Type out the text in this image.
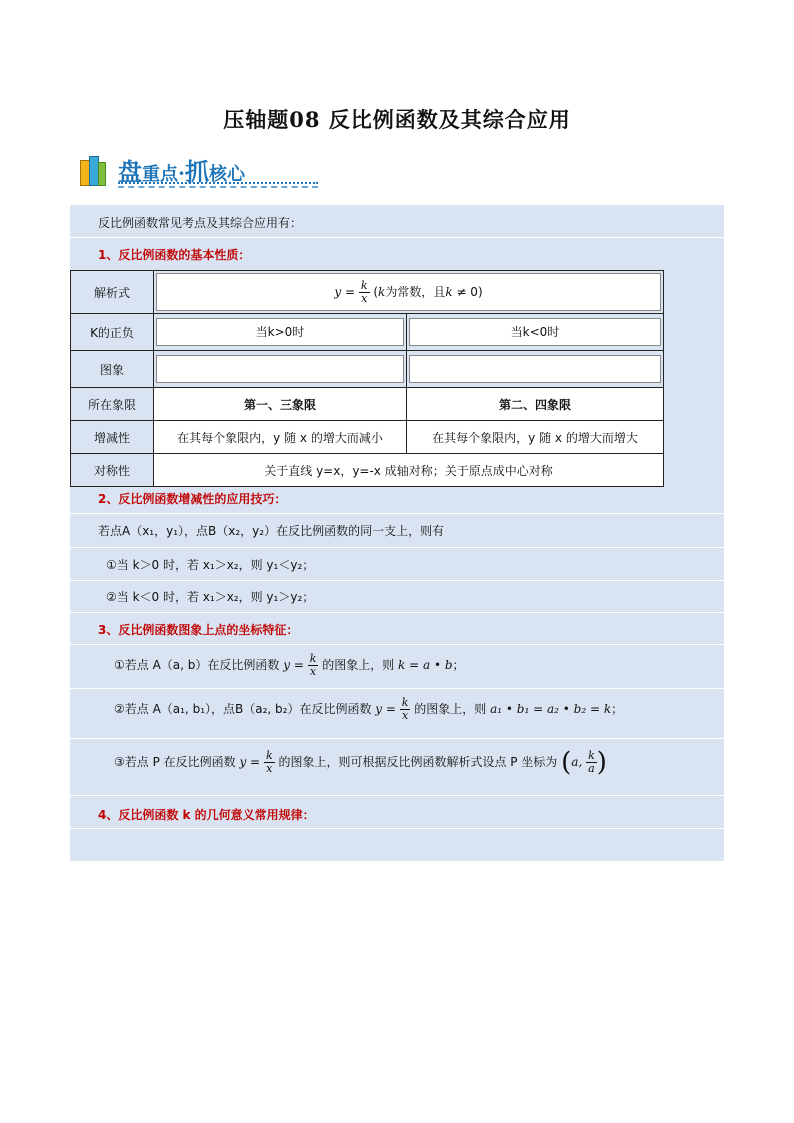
压轴题08 反比例函数及其综合应用
盘重点·抓核心
反比例函数常见考点及其综合应用有：
1、反比例函数的基本性质：
解析式	$y = \frac{k}{x} (k$为常数，且k ≠ 0)	

K的正负	当k>0时	当k<0时

图象	

所在象限	第一、三象限	第二、四象限
增减性	在其每个象限内，y 随 x 的增大而减小	在其每个象限内，y 随 x 的增大而增大
对称性	关于直线 y=x，y=-x 成轴对称；关于原点成中心对称	
2、反比例函数增减性的应用技巧：
若点A（x₁，y₁），点B（x₂，y₂）在反比例函数的同一支上，则有
①当 k＞0 时，若 x₁＞x₂，则 y₁＜y₂；
②当 k＜0 时，若 x₁＞x₂，则 y₁＞y₂；
3、反比例函数图象上点的坐标特征：
①若点 A（a, b）在反比例函数 $y = \frac{k}{x}$ 的图象上，则 k = a • b；
②若点 A（a₁, b₁），点B（a₂, b₂）在反比例函数 $y = \frac{k}{x}$ 的图象上，则 a₁ • b₁ = a₂ • b₂ = k；
③若点 P 在反比例函数 $y = \frac{k}{x}$ 的图象上，则可根据反比例函数解析式设点 P 坐标为 (a, $\frac{k}{a}$ )
4、反比例函数 k 的几何意义常用规律：
